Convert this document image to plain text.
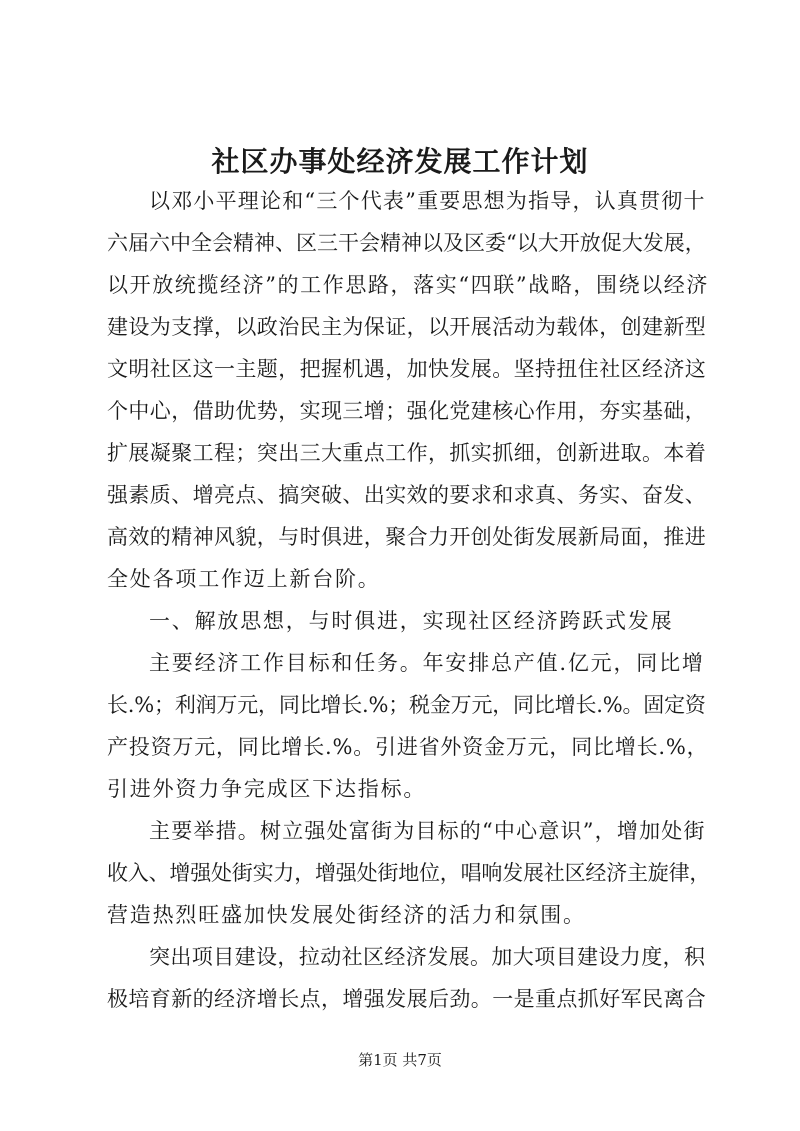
社区办事处经济发展工作计划
以邓小平理论和“三个代表”重要思想为指导，认真贯彻十
六届六中全会精神、区三干会精神以及区委“以大开放促大发展，
以开放统揽经济”的工作思路，落实“四联”战略，围绕以经济
建设为支撑，以政治民主为保证，以开展活动为载体，创建新型
文明社区这一主题，把握机遇，加快发展。坚持扭住社区经济这
个中心，借助优势，实现三增；强化党建核心作用，夯实基础，
扩展凝聚工程；突出三大重点工作，抓实抓细，创新进取。本着
强素质、增亮点、搞突破、出实效的要求和求真、务实、奋发、
高效的精神风貌，与时俱进，聚合力开创处街发展新局面，推进
全处各项工作迈上新台阶。
一、解放思想，与时俱进，实现社区经济跨跃式发展
主要经济工作目标和任务。年安排总产值.亿元，同比增
长.%；利润万元，同比增长.%；税金万元，同比增长.%。固定资
产投资万元，同比增长.%。引进省外资金万元，同比增长.%，
引进外资力争完成区下达指标。
主要举措。树立强处富街为目标的“中心意识”，增加处街
收入、增强处街实力，增强处街地位，唱响发展社区经济主旋律，
营造热烈旺盛加快发展处街经济的活力和氛围。
突出项目建设，拉动社区经济发展。加大项目建设力度，积
极培育新的经济增长点，增强发展后劲。一是重点抓好军民离合
第1页 共7页
